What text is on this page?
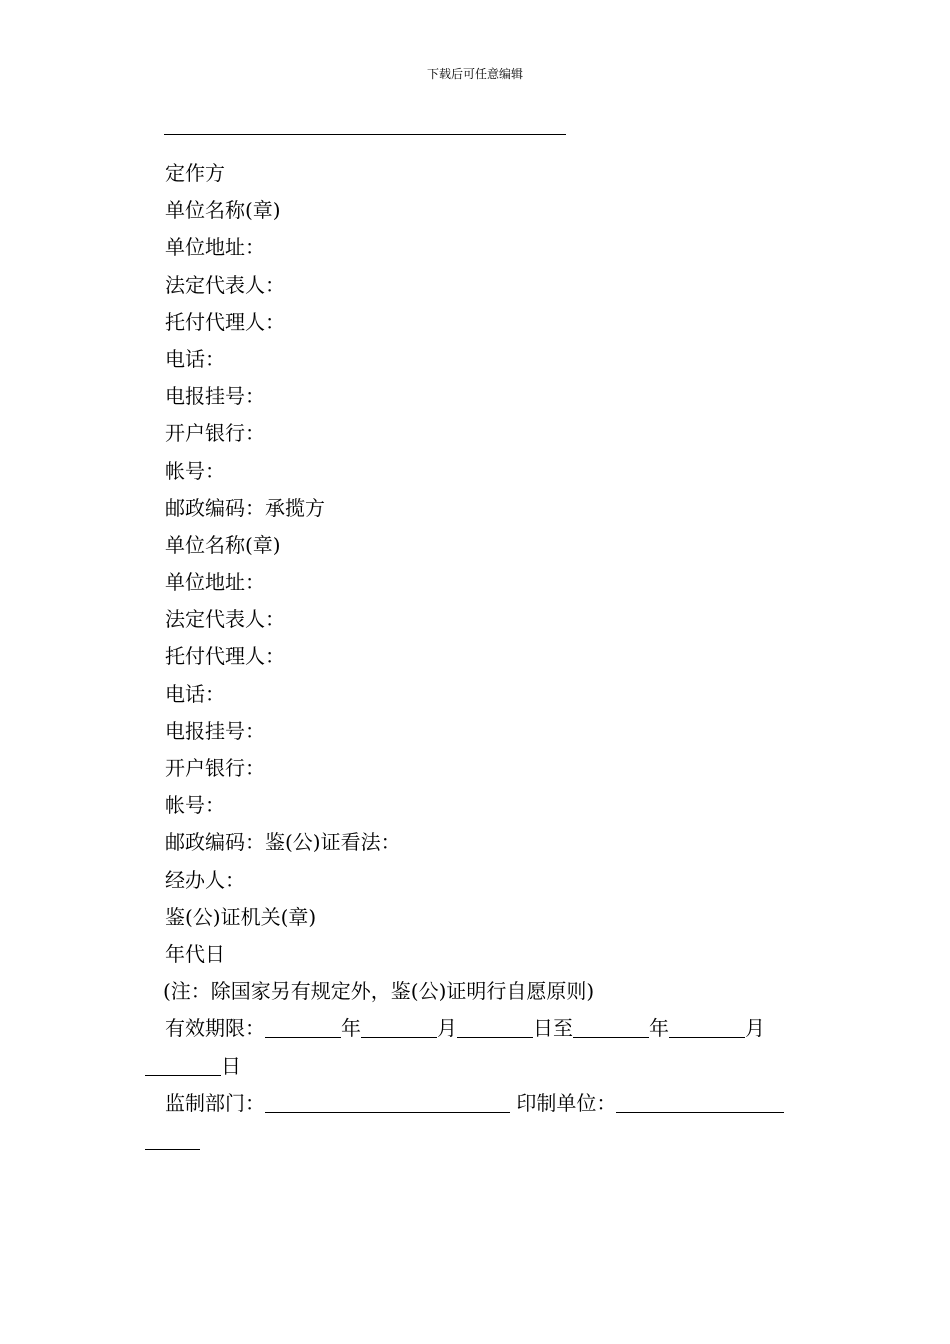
下载后可任意编辑
定作方
单位名称(章)
单位地址：
法定代表人：
托付代理人：
电话：
电报挂号：
开户银行：
帐号：
邮政编码：承揽方
单位名称(章)
单位地址：
法定代表人：
托付代理人：
电话：
电报挂号：
开户银行：
帐号：
邮政编码：鉴(公)证看法：
经办人：
鉴(公)证机关(章)
年代日
(注：除国家另有规定外，鉴(公)证明行自愿原则)
有效期限：	年	月	日至	年	月
日
监制部门：	印制单位：
